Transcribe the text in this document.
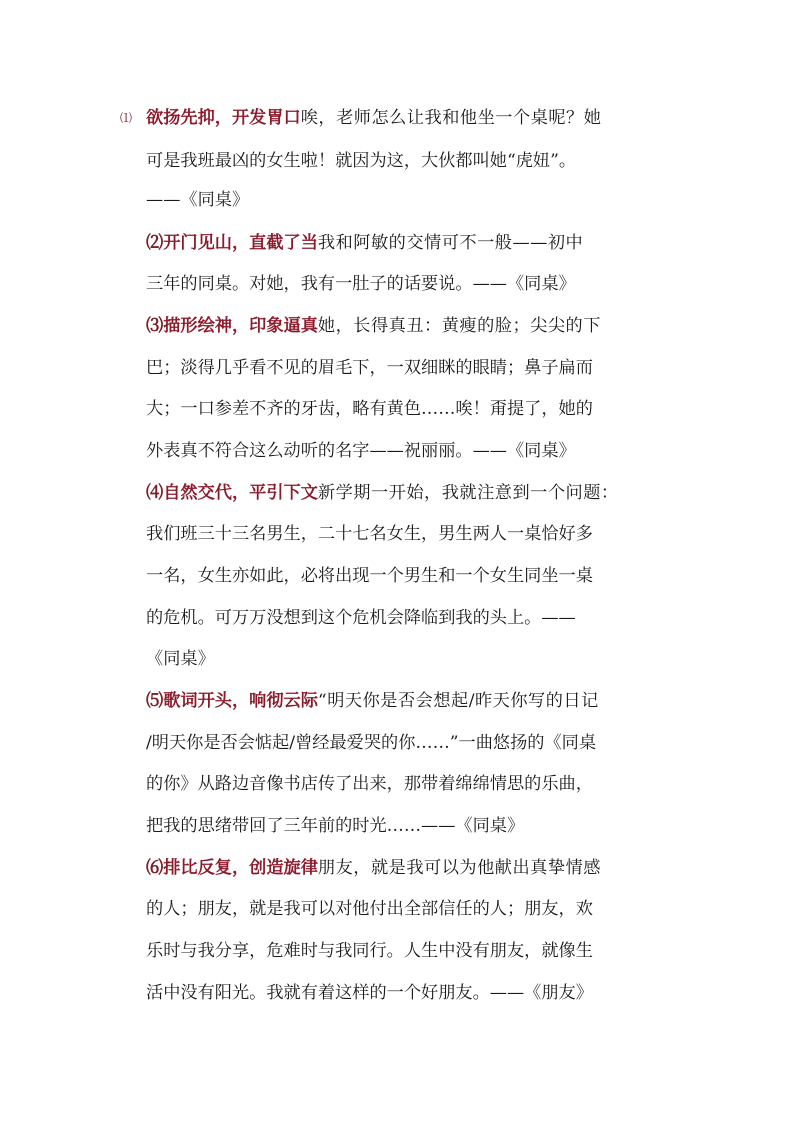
⑴ 欲扬先抑，开发胃口唉，老师怎么让我和他坐一个桌呢？她
可是我班最凶的女生啦！就因为这，大伙都叫她“虎妞”。
——《同桌》
⑵开门见山，直截了当我和阿敏的交情可不一般——初中
三年的同桌。对她，我有一肚子的话要说。——《同桌》
⑶描形绘神，印象逼真她，长得真丑：黄瘦的脸；尖尖的下
巴；淡得几乎看不见的眉毛下，一双细眯的眼睛；鼻子扁而
大；一口参差不齐的牙齿，略有黄色……唉！甭提了，她的
外表真不符合这么动听的名字——祝丽丽。——《同桌》
⑷自然交代，平引下文新学期一开始，我就注意到一个问题：
我们班三十三名男生，二十七名女生，男生两人一桌恰好多
一名，女生亦如此，必将出现一个男生和一个女生同坐一桌
的危机。可万万没想到这个危机会降临到我的头上。——
《同桌》
⑸歌词开头，响彻云际“明天你是否会想起/昨天你写的日记
/明天你是否会惦起/曾经最爱哭的你……”一曲悠扬的《同桌
的你》从路边音像书店传了出来，那带着绵绵情思的乐曲，
把我的思绪带回了三年前的时光……——《同桌》
⑹排比反复，创造旋律朋友，就是我可以为他献出真挚情感
的人；朋友，就是我可以对他付出全部信任的人；朋友，欢
乐时与我分享，危难时与我同行。人生中没有朋友，就像生
活中没有阳光。我就有着这样的一个好朋友。——《朋友》
